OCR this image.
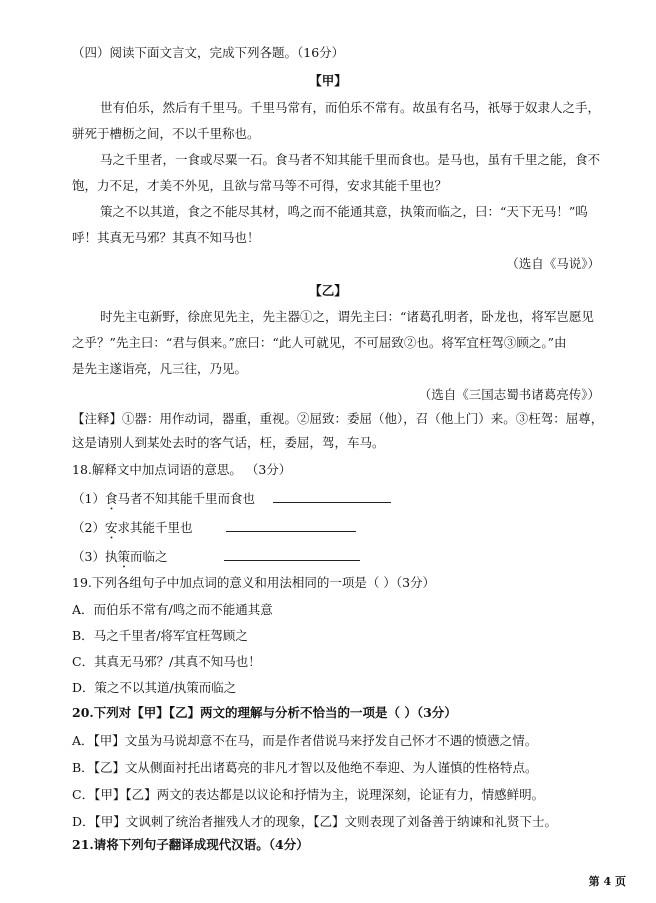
（四）阅读下面文言文，完成下列各题。（16分）
【甲】
世有伯乐，然后有千里马。千里马常有，而伯乐不常有。故虽有名马，祇辱于奴隶人之手，
骈死于槽枥之间，不以千里称也。
马之千里者，一食或尽粟一石。食马者不知其能千里而食也。是马也，虽有千里之能，食不
饱，力不足，才美不外见，且欲与常马等不可得，安求其能千里也？
策之不以其道，食之不能尽其材，鸣之而不能通其意，执策而临之，曰：“天下无马！”呜
呼！其真无马邪？其真不知马也！
（选自《马说》）
【乙】
时先主屯新野，徐庶见先主，先主器①之，谓先主曰：“诸葛孔明者，卧龙也，将军岂愿见
之乎？”先主曰：“君与俱来。”庶曰：“此人可就见，不可屈致②也。将军宜枉驾③顾之。”由
是先主遂诣亮，凡三往，乃见。
（选自《三国志蜀书诸葛亮传》）
【注释】①器：用作动词，器重，重视。②屈致：委屈（他），召（他上门）来。③枉驾：屈尊，
这是请别人到某处去时的客气话，枉，委屈，驾，车马。
18.解释文中加点词语的意思。 （3分）
（1）食马者不知其能千里而食也
（2）安求其能千里也
（3）执策而临之
19.下列各组句子中加点词的意义和用法相同的一项是（ ）（3分）
A．而伯乐不常有/鸣之而不能通其意
B．马之千里者/将军宜枉驾顾之
C．其真无马邪？/其真不知马也！
D．策之不以其道/执策而临之
20.下列对【甲】【乙】两文的理解与分析不恰当的一项是（ ）（3分）
A．【甲】文虽为马说却意不在马，而是作者借说马来抒发自己怀才不遇的愤懑之情。
B．【乙】文从侧面衬托出诸葛亮的非凡才智以及他绝不奉迎、为人谨慎的性格特点。
C．【甲】【乙】两文的表达都是以议论和抒情为主，说理深刻，论证有力，情感鲜明。
D．【甲】文讽刺了统治者摧残人才的现象，【乙】文则表现了刘备善于纳谏和礼贤下士。
21.请将下列句子翻译成现代汉语。（4分）
第 4 页
